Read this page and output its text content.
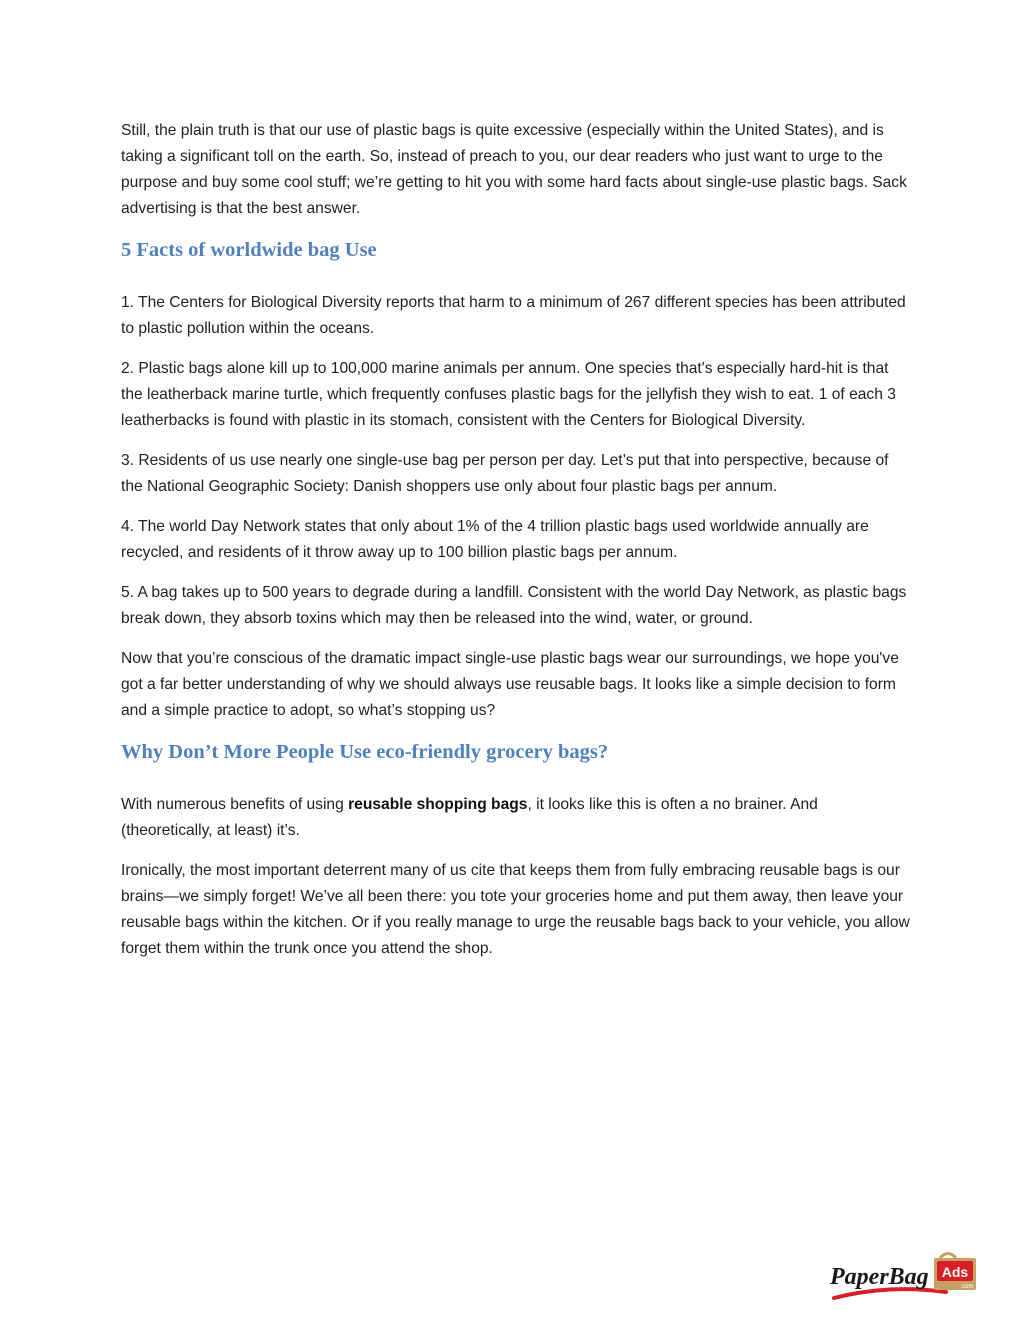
Still, the plain truth is that our use of plastic bags is quite excessive (especially within the United States), and is taking a significant toll on the earth. So, instead of preach to you, our dear readers who just want to urge to the purpose and buy some cool stuff; we’re getting to hit you with some hard facts about single-use plastic bags. Sack advertising is that the best answer.

5 Facts of worldwide bag Use

1. The Centers for Biological Diversity reports that harm to a minimum of 267 different species has been attributed to plastic pollution within the oceans.

2. Plastic bags alone kill up to 100,000 marine animals per annum. One species that's especially hard-hit is that the leatherback marine turtle, which frequently confuses plastic bags for the jellyfish they wish to eat. 1 of each 3 leatherbacks is found with plastic in its stomach, consistent with the Centers for Biological Diversity.

3. Residents of us use nearly one single-use bag per person per day. Let’s put that into perspective, because of the National Geographic Society: Danish shoppers use only about four plastic bags per annum.

4. The world Day Network states that only about 1% of the 4 trillion plastic bags used worldwide annually are recycled, and residents of it throw away up to 100 billion plastic bags per annum.

5. A bag takes up to 500 years to degrade during a landfill. Consistent with the world Day Network, as plastic bags break down, they absorb toxins which may then be released into the wind, water, or ground.

Now that you’re conscious of the dramatic impact single-use plastic bags wear our surroundings, we hope you've got a far better understanding of why we should always use reusable bags. It looks like a simple decision to form and a simple practice to adopt, so what’s stopping us?

Why Don’t More People Use eco-friendly grocery bags?

With numerous benefits of using reusable shopping bags, it looks like this is often a no brainer. And (theoretically, at least) it’s.

Ironically, the most important deterrent many of us cite that keeps them from fully embracing reusable bags is our brains—we simply forget! We’ve all been there: you tote your groceries home and put them away, then leave your reusable bags within the kitchen. Or if you really manage to urge the reusable bags back to your vehicle, you allow forget them within the trunk once you attend the shop.

Ads
.com
PaperBag
